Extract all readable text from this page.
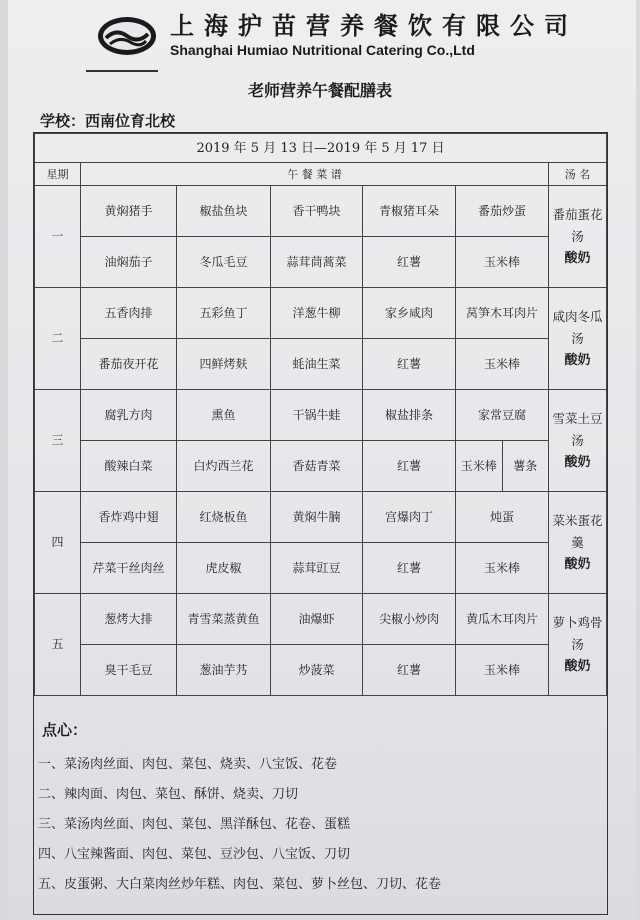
上海护苗营养餐饮有限公司
Shanghai Humiao Nutritional Catering Co.,Ltd
老师营养午餐配膳表
学校：西南位育北校
2019 年 5 月 13 日—2019 年 5 月 17 日						
星期	午 餐 菜 谱					汤 名
一	黄焖猪手	椒盐鱼块	香干鸭块	青椒猪耳朵	番茄炒蛋	番茄蛋花汤
酸奶

	油焖茄子	冬瓜毛豆	蒜茸茼蒿菜	红薯	玉米棒	
二	五香肉排	五彩鱼丁	洋葱牛柳	家乡咸肉	莴笋木耳肉片	咸肉冬瓜汤
酸奶

	番茄夜开花	四鲜烤麸	蚝油生菜	红薯	玉米棒	
三	腐乳方肉	熏鱼	干锅牛蛙	椒盐排条	家常豆腐	雪菜土豆汤
酸奶

	酸辣白菜	白灼西兰花	香菇青菜	红薯	玉米棒 薯条	

四	香炸鸡中翅	红烧板鱼	黄焖牛腩	宫爆肉丁	炖蛋	菜米蛋花羹
酸奶

	芹菜干丝肉丝	虎皮椒	蒜茸豇豆	红薯	玉米棒	
五	葱烤大排	青雪菜蒸黄鱼	油爆虾	尖椒小炒肉	黄瓜木耳肉片	萝卜鸡骨汤
酸奶

	臭干毛豆	葱油芋艿	炒菠菜	红薯	玉米棒	
点心：
一、菜汤肉丝面、肉包、菜包、烧卖、八宝饭、花卷
二、辣肉面、肉包、菜包、酥饼、烧卖、刀切
三、菜汤肉丝面、肉包、菜包、黑洋酥包、花卷、蛋糕
四、八宝辣酱面、肉包、菜包、豆沙包、八宝饭、刀切
五、皮蛋粥、大白菜肉丝炒年糕、肉包、菜包、萝卜丝包、刀切、花卷
